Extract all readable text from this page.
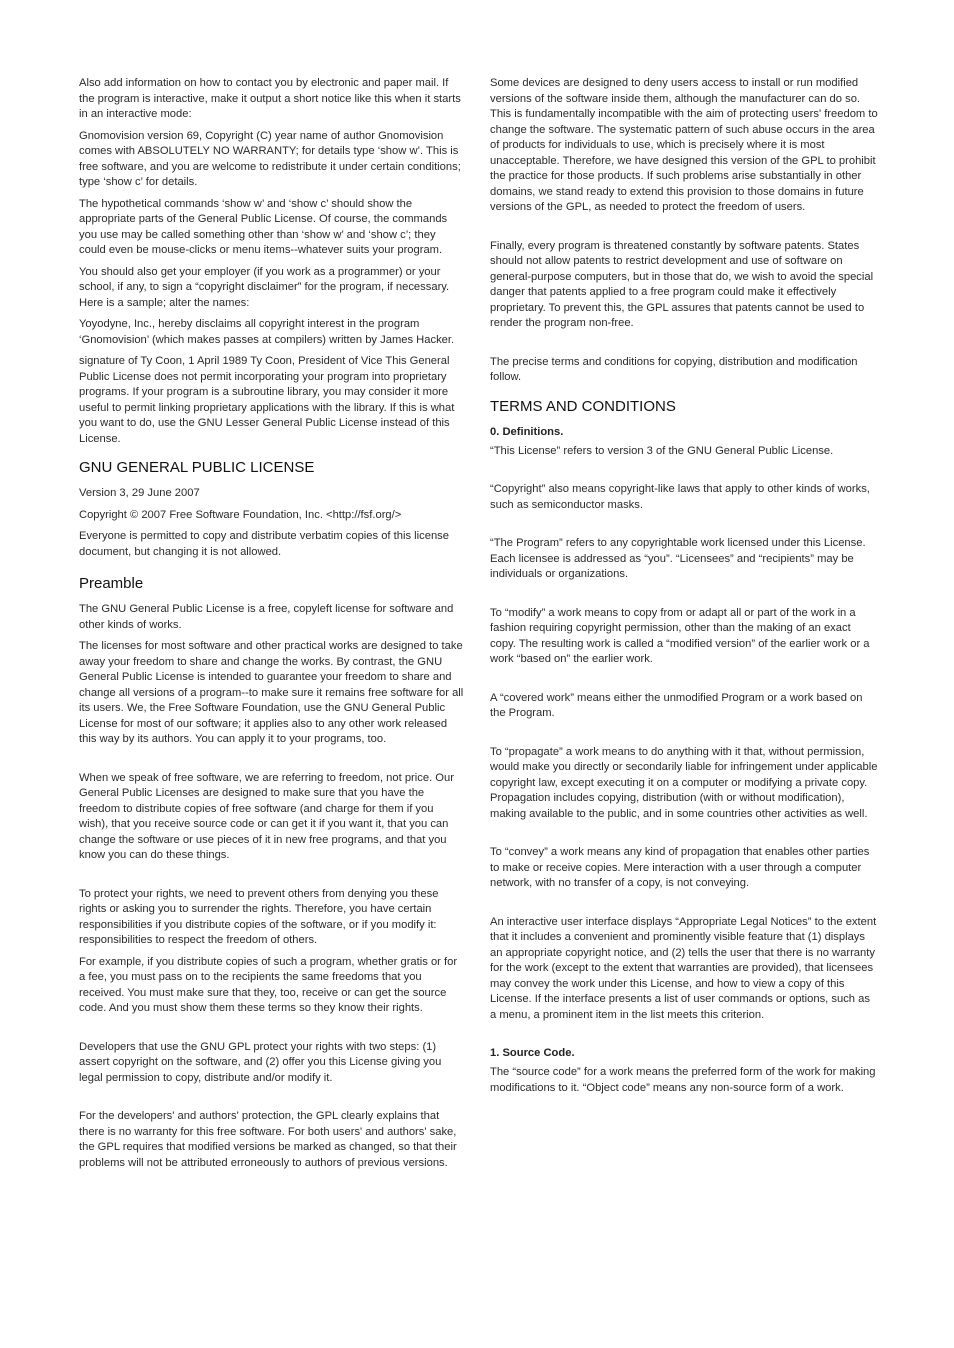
Also add information on how to contact you by electronic and paper mail. If the program is interactive, make it output a short notice like this when it starts in an interactive mode:

Gnomovision version 69, Copyright (C) year name of author Gnomovision comes with ABSOLUTELY NO WARRANTY; for details type ‘show w’. This is free software, and you are welcome to redistribute it under certain conditions; type ‘show c’ for details.

The hypothetical commands ‘show w’ and ‘show c’ should show the appropriate parts of the General Public License. Of course, the commands you use may be called something other than ‘show w’ and ‘show c’; they could even be mouse-clicks or menu items--whatever suits your program.

You should also get your employer (if you work as a programmer) or your school, if any, to sign a “copyright disclaimer” for the program, if necessary. Here is a sample; alter the names:

Yoyodyne, Inc., hereby disclaims all copyright interest in the program ‘Gnomovision’ (which makes passes at compilers) written by James Hacker.

signature of Ty Coon, 1 April 1989 Ty Coon, President of Vice This General Public License does not permit incorporating your program into proprietary programs. If your program is a subroutine library, you may consider it more useful to permit linking proprietary applications with the library. If this is what you want to do, use the GNU Lesser General Public License instead of this License.

GNU GENERAL PUBLIC LICENSE

Version 3, 29 June 2007

Copyright © 2007 Free Software Foundation, Inc. <http://fsf.org/>

Everyone is permitted to copy and distribute verbatim copies of this license document, but changing it is not allowed.

Preamble

The GNU General Public License is a free, copyleft license for software and other kinds of works.

The licenses for most software and other practical works are designed to take away your freedom to share and change the works. By contrast, the GNU General Public License is intended to guarantee your freedom to share and change all versions of a program--to make sure it remains free software for all its users. We, the Free Software Foundation, use the GNU General Public License for most of our software; it applies also to any other work released this way by its authors. You can apply it to your programs, too.

When we speak of free software, we are referring to freedom, not price. Our General Public Licenses are designed to make sure that you have the freedom to distribute copies of free software (and charge for them if you wish), that you receive source code or can get it if you want it, that you can change the software or use pieces of it in new free programs, and that you know you can do these things.

To protect your rights, we need to prevent others from denying you these rights or asking you to surrender the rights. Therefore, you have certain responsibilities if you distribute copies of the software, or if you modify it: responsibilities to respect the freedom of others.

For example, if you distribute copies of such a program, whether gratis or for a fee, you must pass on to the recipients the same freedoms that you received. You must make sure that they, too, receive or can get the source code. And you must show them these terms so they know their rights.

Developers that use the GNU GPL protect your rights with two steps: (1) assert copyright on the software, and (2) offer you this License giving you legal permission to copy, distribute and/or modify it.

For the developers' and authors' protection, the GPL clearly explains that there is no warranty for this free software. For both users' and authors' sake, the GPL requires that modified versions be marked as changed, so that their problems will not be attributed erroneously to authors of previous versions.

Some devices are designed to deny users access to install or run modified versions of the software inside them, although the manufacturer can do so. This is fundamentally incompatible with the aim of protecting users' freedom to change the software. The systematic pattern of such abuse occurs in the area of products for individuals to use, which is precisely where it is most unacceptable. Therefore, we have designed this version of the GPL to prohibit the practice for those products. If such problems arise substantially in other domains, we stand ready to extend this provision to those domains in future versions of the GPL, as needed to protect the freedom of users.

Finally, every program is threatened constantly by software patents. States should not allow patents to restrict development and use of software on general-purpose computers, but in those that do, we wish to avoid the special danger that patents applied to a free program could make it effectively proprietary. To prevent this, the GPL assures that patents cannot be used to render the program non-free.

The precise terms and conditions for copying, distribution and modification follow.

TERMS AND CONDITIONS
0. Definitions.

“This License” refers to version 3 of the GNU General Public License.

“Copyright” also means copyright-like laws that apply to other kinds of works, such as semiconductor masks.

“The Program” refers to any copyrightable work licensed under this License. Each licensee is addressed as “you”. “Licensees” and “recipients” may be individuals or organizations.

To “modify” a work means to copy from or adapt all or part of the work in a fashion requiring copyright permission, other than the making of an exact copy. The resulting work is called a “modified version” of the earlier work or a work “based on” the earlier work.

A “covered work” means either the unmodified Program or a work based on the Program.

To “propagate” a work means to do anything with it that, without permission, would make you directly or secondarily liable for infringement under applicable copyright law, except executing it on a computer or modifying a private copy. Propagation includes copying, distribution (with or without modification), making available to the public, and in some countries other activities as well.

To “convey” a work means any kind of propagation that enables other parties to make or receive copies. Mere interaction with a user through a computer network, with no transfer of a copy, is not conveying.

An interactive user interface displays “Appropriate Legal Notices” to the extent that it includes a convenient and prominently visible feature that (1) displays an appropriate copyright notice, and (2) tells the user that there is no warranty for the work (except to the extent that warranties are provided), that licensees may convey the work under this License, and how to view a copy of this License. If the interface presents a list of user commands or options, such as a menu, a prominent item in the list meets this criterion.

1. Source Code.

The “source code” for a work means the preferred form of the work for making modifications to it. “Object code” means any non-source form of a work.
